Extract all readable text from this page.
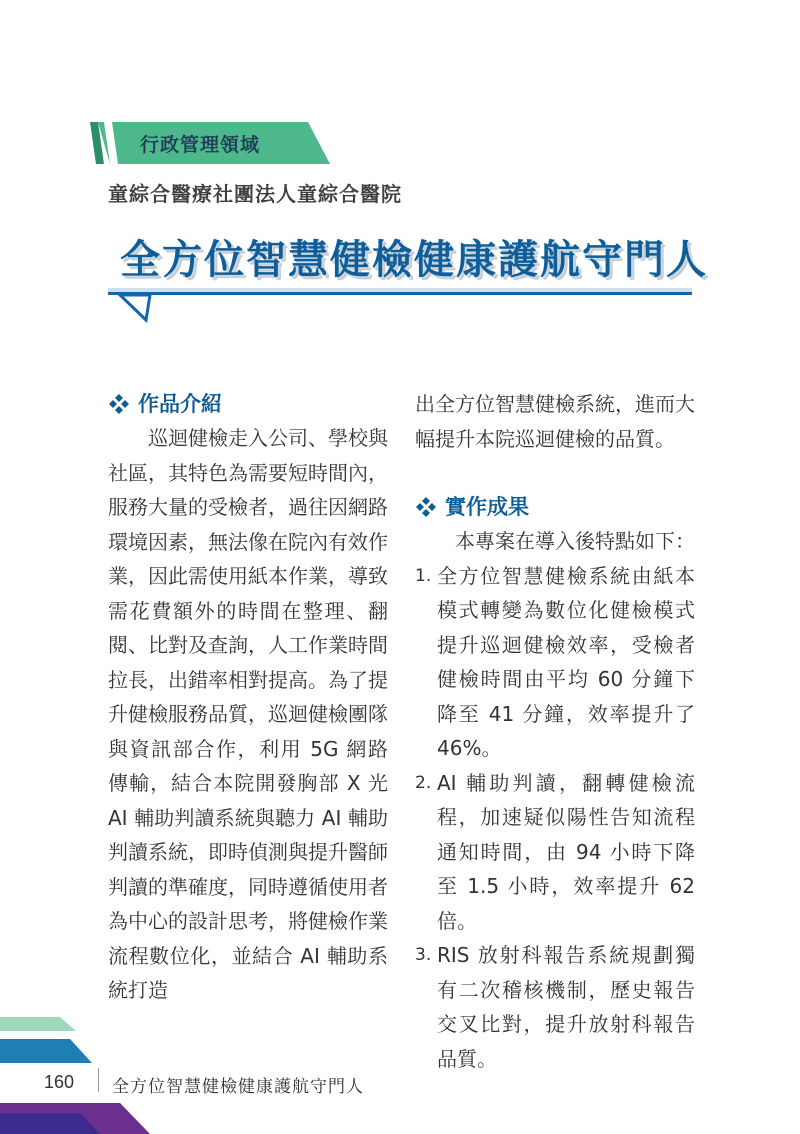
行政管理領域
童綜合醫療社團法人童綜合醫院
全方位智慧健檢健康護航守門人
作品介紹

巡迴健檢走入公司、學校與社區，其特色為需要短時間內，服務大量的受檢者，過往因網路環境因素，無法像在院內有效作業，因此需使用紙本作業，導致需花費額外的時間在整理、翻閱、比對及查詢，人工作業時間拉長，出錯率相對提高。為了提升健檢服務品質，巡迴健檢團隊與資訊部合作，利用 5G 網路傳輸，結合本院開發胸部 X 光 AI 輔助判讀系統與聽力 AI 輔助判讀系統，即時偵測與提升醫師判讀的準確度，同時遵循使用者為中心的設計思考，將健檢作業流程數位化，並結合 AI 輔助系統打造

出全方位智慧健檢系統，進而大幅提升本院巡迴健檢的品質。

實作成果

本專案在導入後特點如下：

1. 全方位智慧健檢系統由紙本模式轉變為數位化健檢模式提升巡迴健檢效率，受檢者健檢時間由平均 60 分鐘下降至 41 分鐘，效率提升了 46%。
2. AI 輔助判讀，翻轉健檢流程，加速疑似陽性告知流程通知時間，由 94 小時下降至 1.5 小時，效率提升 62 倍。
3. RIS 放射科報告系統規劃獨有二次稽核機制，歷史報告交叉比對，提升放射科報告品質。
160 全方位智慧健檢健康護航守門人
